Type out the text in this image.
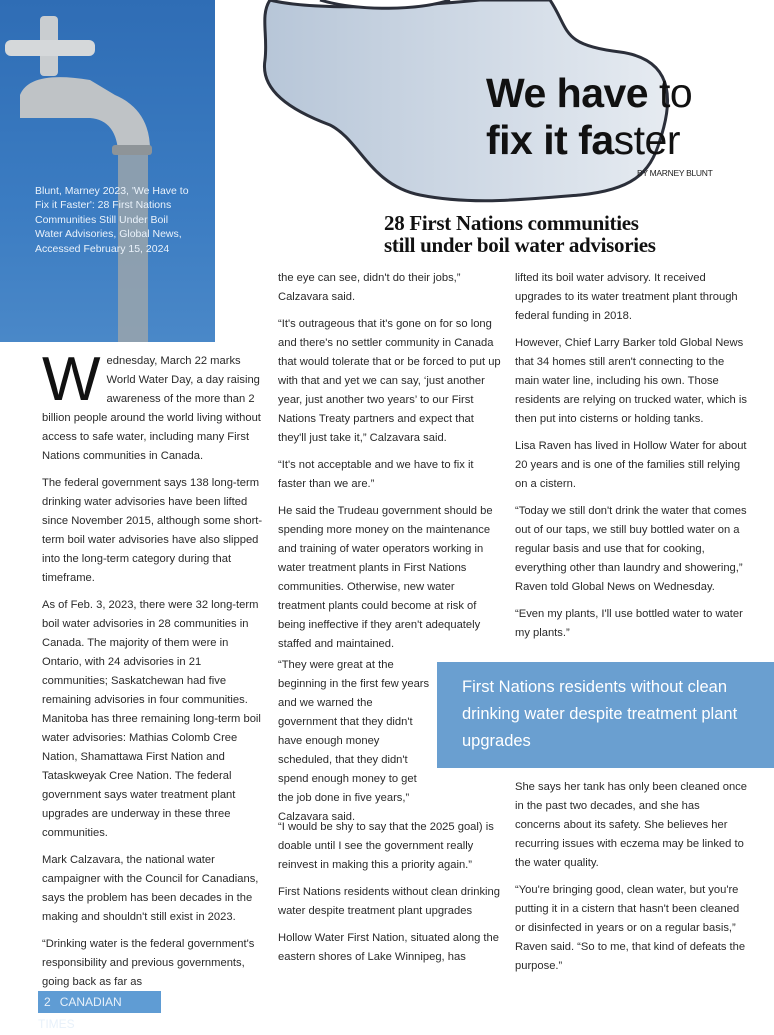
Blunt, Marney 2023, 'We Have to Fix it Faster': 28 First Nations Communities Still Under Boil Water Advisories, Global News, Accessed February 15, 2024
We have to
fix it faster
BY MARNEY BLUNT
28 First Nations communities
still under boil water advisories

Wednesday, March 22 marks World Water Day, a day raising awareness of the more than 2 billion people around the world living without access to safe water, including many First Nations communities in Canada.

The federal government says 138 long-term drinking water advisories have been lifted since November 2015, although some short-term boil water advisories have also slipped into the long-term category during that timeframe.

As of Feb. 3, 2023, there were 32 long-term boil water advisories in 28 communities in Canada. The majority of them were in Ontario, with 24 advisories in 21 communities; Saskatchewan had five remaining advisories in four communities. Manitoba has three remaining long-term boil water advisories: Mathias Colomb Cree Nation, Shamattawa First Nation and Tataskweyak Cree Nation. The federal government says water treatment plant upgrades are underway in these three communities.

Mark Calzavara, the national water campaigner with the Council for Canadians, says the problem has been decades in the making and shouldn't still exist in 2023.

“Drinking water is the federal government's responsibility and previous governments, going back as far as

the eye can see, didn't do their jobs,” Calzavara said.

“It's outrageous that it's gone on for so long and there's no settler community in Canada that would tolerate that or be forced to put up with that and yet we can say, ‘just another year, just another two years’ to our First Nations Treaty partners and expect that they'll just take it,” Calzavara said.

“It's not acceptable and we have to fix it faster than we are.”

He said the Trudeau government should be spending more money on the maintenance and training of water operators working in water treatment plants in First Nations communities. Otherwise, new water treatment plants could become at risk of being ineffective if they aren't adequately staffed and maintained.

“They were great at the beginning in the first few years and we warned the government that they didn't have enough money scheduled, that they didn't spend enough money to get the job done in five years,” Calzavara said.

“I would be shy to say that the 2025 goal) is doable until I see the government really reinvest in making this a priority again.”

First Nations residents without clean drinking water despite treatment plant upgrades

Hollow Water First Nation, situated along the eastern shores of Lake Winnipeg, has

lifted its boil water advisory. It received upgrades to its water treatment plant through federal funding in 2018.

However, Chief Larry Barker told Global News that 34 homes still aren't connecting to the main water line, including his own. Those residents are relying on trucked water, which is then put into cisterns or holding tanks.

Lisa Raven has lived in Hollow Water for about 20 years and is one of the families still relying on a cistern.

“Today we still don't drink the water that comes out of our taps, we still buy bottled water on a regular basis and use that for cooking, everything other than laundry and showering,” Raven told Global News on Wednesday.

“Even my plants, I'll use bottled water to water my plants.”

She says her tank has only been cleaned once in the past two decades, and she has concerns about its safety. She believes her recurring issues with eczema may be linked to the water quality.

“You're bringing good, clean water, but you're putting it in a cistern that hasn't been cleaned or disinfected in years or on a regular basis,” Raven said. “So to me, that kind of defeats the purpose.”

First Nations residents without clean drinking water despite treatment plant upgrades
2 CANADIAN TIMES
